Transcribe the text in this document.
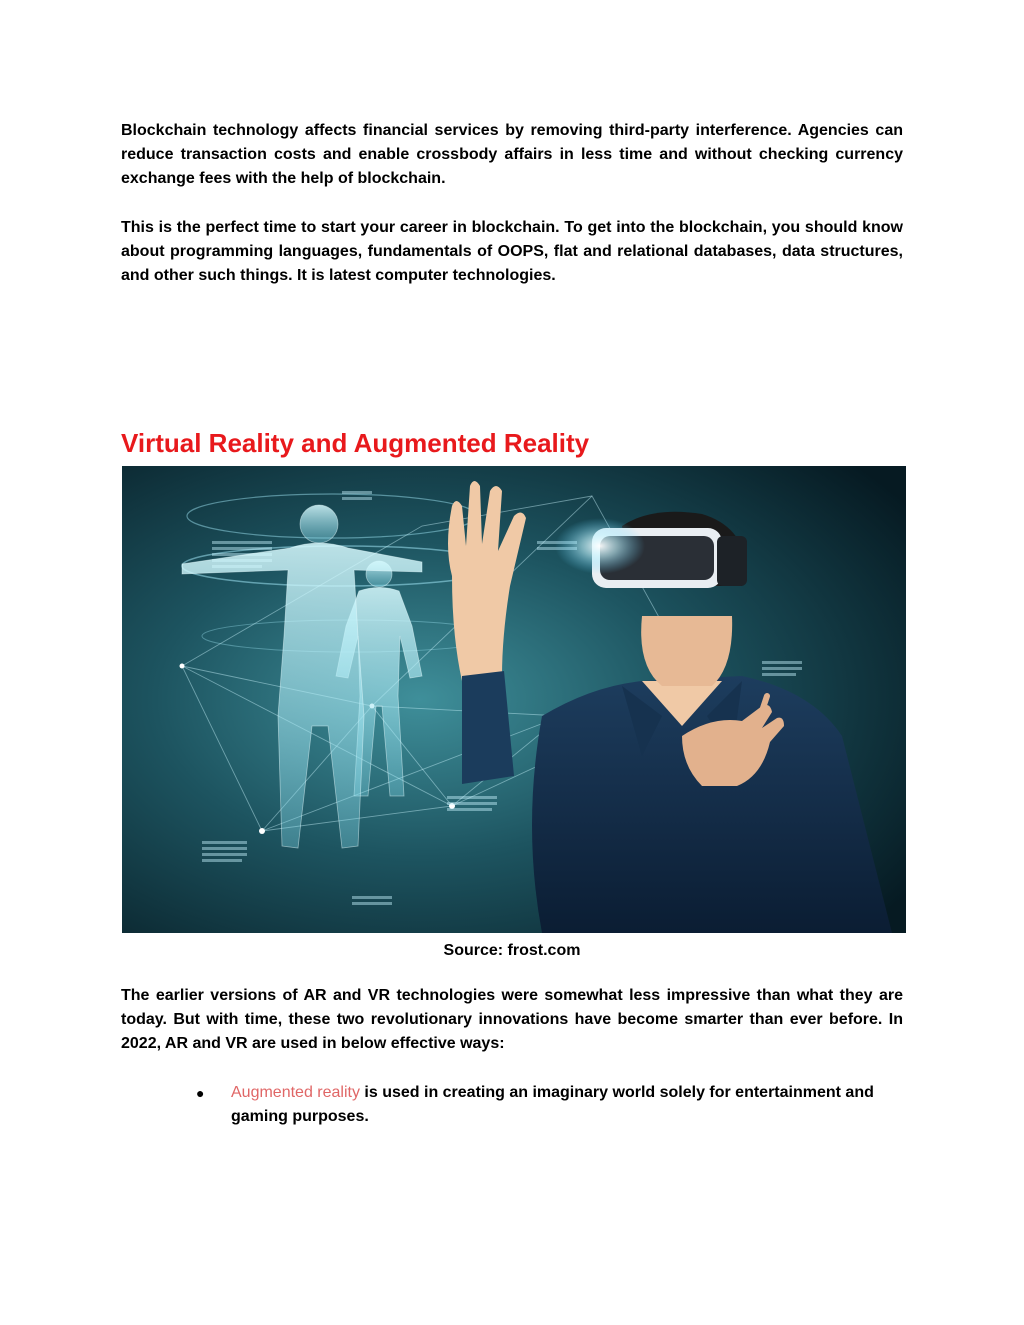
Blockchain technology affects financial services by removing third-party interference. Agencies can reduce transaction costs and enable crossbody affairs in less time and without checking currency exchange fees with the help of blockchain.

This is the perfect time to start your career in blockchain. To get into the blockchain, you should know about programming languages, fundamentals of OOPS, flat and relational databases, data structures, and other such things. It is latest computer technologies.

Virtual Reality and Augmented Reality
Source: frost.com

The earlier versions of AR and VR technologies were somewhat less impressive than what they are today. But with time, these two revolutionary innovations have become smarter than ever before. In 2022, AR and VR are used in below effective ways:

● Augmented reality is used in creating an imaginary world solely for entertainment and gaming purposes.
